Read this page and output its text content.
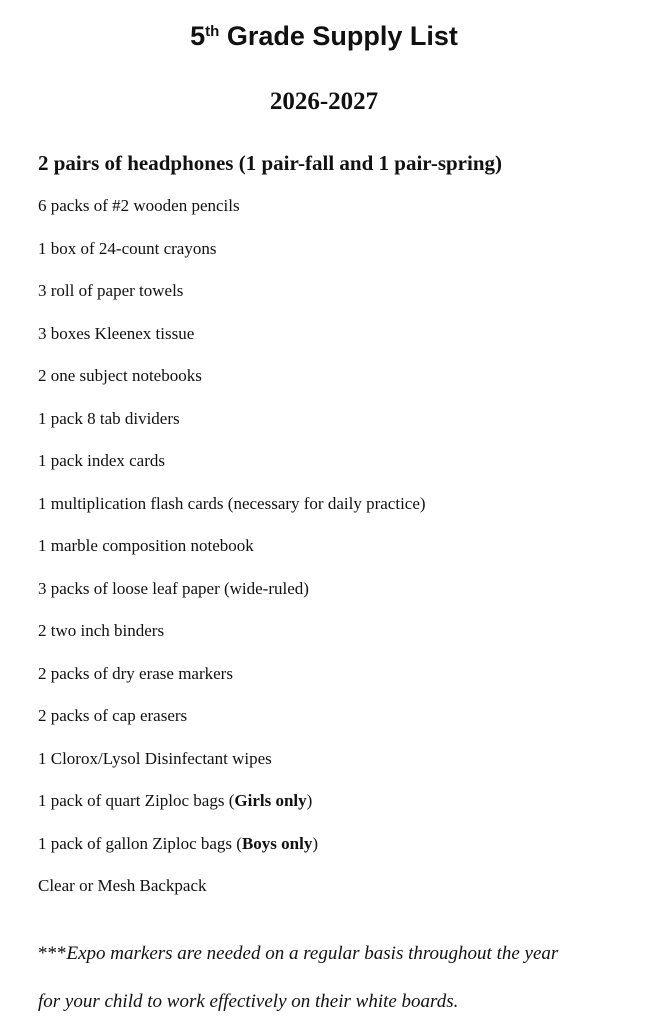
5th Grade Supply List
2026-2027
2 pairs of headphones (1 pair-fall and 1 pair-spring)
6 packs of #2 wooden pencils
1 box of 24-count crayons
3 roll of paper towels
3 boxes Kleenex tissue
2 one subject notebooks
1 pack 8 tab dividers
1 pack index cards
1 multiplication flash cards (necessary for daily practice)
1 marble composition notebook
3 packs of loose leaf paper (wide-ruled)
2 two inch binders
2 packs of dry erase markers
2 packs of cap erasers
1 Clorox/Lysol Disinfectant wipes
1 pack of quart Ziploc bags (Girls only)
1 pack of gallon Ziploc bags (Boys only)
Clear or Mesh Backpack
***Expo markers are needed on a regular basis throughout the year
for your child to work effectively on their white boards.
